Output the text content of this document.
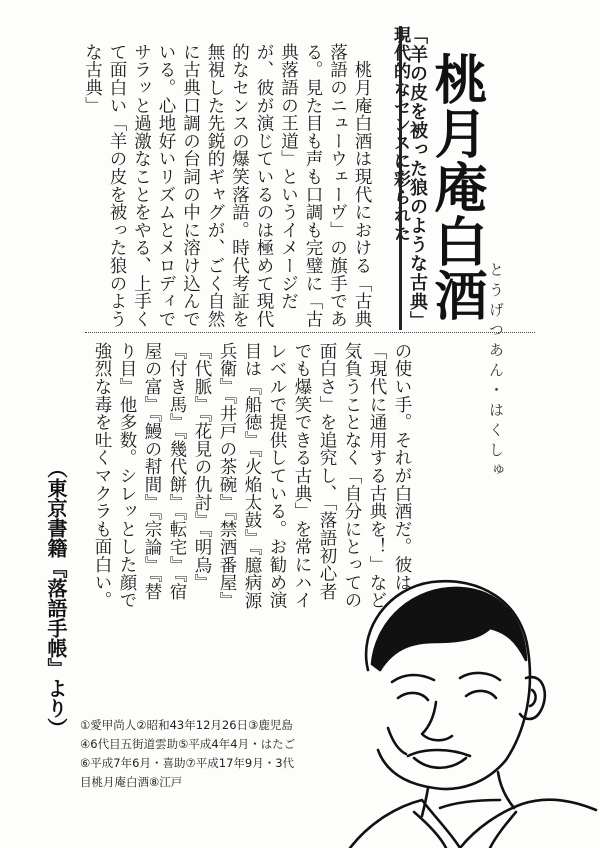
桃月庵白酒
とうげつあん・はくしゅ
現代的なセンスに彩られた
「羊の皮を被った狼のような古典」
　桃月庵白酒は現代における「古典落語のニューウェーヴ」の旗手である。見た目も声も口調も完璧に「古典落語の王道」というイメージだが、彼が演じているのは極めて現代的なセンスの爆笑落語。時代考証を無視した先鋭的ギャグが、ごく自然に古典口調の台詞の中に溶け込んでいる。心地好いリズムとメロディでサラッと過激なことをやる、上手くて面白い「羊の皮を被った狼のような古典」
の使い手。それが白酒だ。彼は「現代に通用する古典を！」など気負うことなく「自分にとっての面白さ」を追究し、「落語初心者でも爆笑できる古典」を常にハイレベルで提供している。お勧め演目は『船徳』『火焔太鼓』『臆病源兵衛』『井戸の茶碗』『禁酒番屋』『代脈』『花見の仇討』『明烏』『付き馬』『幾代餅』『転宅』『宿屋の富』『鰻の幇間』『宗論』『替り目』他多数。シレッとした顔で強烈な毒を吐くマクラも面白い。
（東京書籍『落語手帳』より） ①愛甲尚人②昭和43年12月26日③鹿児島④6代目五街道雲助⑤平成4年4月・はたご⑥平成7年6月・喜助⑦平成17年9月・3代目桃月庵白酒⑧江戸
